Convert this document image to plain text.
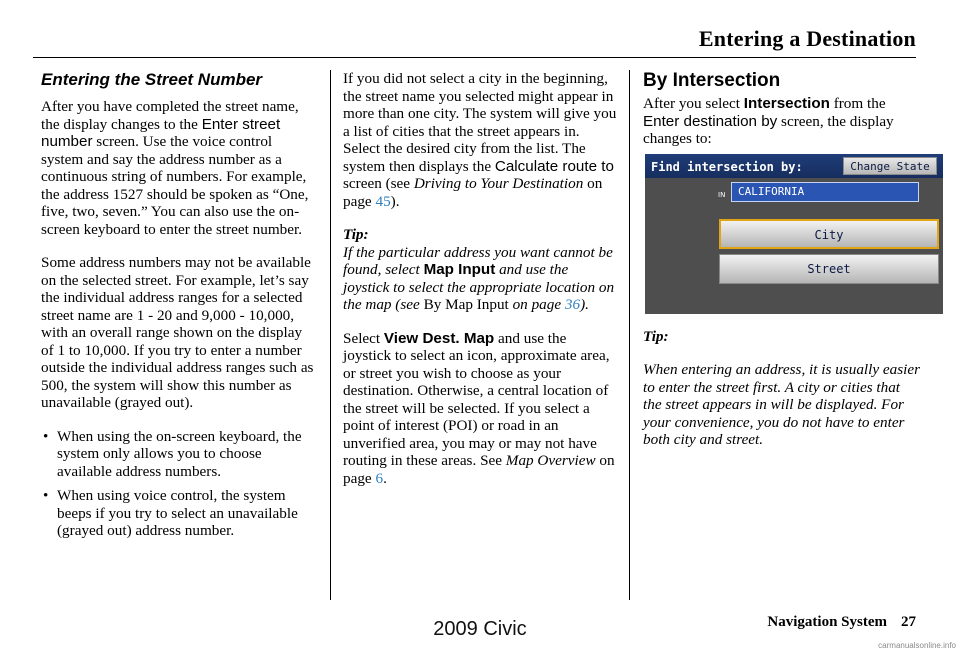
Entering a Destination
Entering the Street Number

After you have completed the street name, the display changes to the Enter street number screen. Use the voice control system and say the address number as a continuous string of numbers. For example, the address 1527 should be spoken as “One, five, two, seven.” You can also use the on-screen keyboard to enter the street number.

Some address numbers may not be available on the selected street. For example, let’s say the individual address ranges for a selected street name are 1 - 20 and 9,000 - 10,000, with an overall range shown on the display of 1 to 10,000. If you try to enter a number outside the individual address ranges such as 500, the system will show this number as unavailable (grayed out).

• When using the on-screen keyboard, the system only allows you to choose available address numbers.
• When using voice control, the system beeps if you try to select an unavailable (grayed out) address number.

If you did not select a city in the beginning, the street name you selected might appear in more than one city. The system will give you a list of cities that the street appears in. Select the desired city from the list. The system then displays the Calculate route to screen (see Driving to Your Destination on page 45).

Tip:
If the particular address you want cannot be found, select Map Input and use the joystick to select the appropriate location on the map (see By Map Input on page 36).

Select View Dest. Map and use the joystick to select an icon, approximate area, or street you wish to choose as your destination. Otherwise, a central location of the street will be selected. If you select a point of interest (POI) or road in an unverified area, you may or may not have routing in these areas. See Map Overview on page 6.

By Intersection

After you select Intersection from the Enter destination by screen, the display changes to:

Find intersection by:	Change State
IN	CALIFORNIA
City
Street

Tip:

When entering an address, it is usually easier to enter the street first. A city or cities that the street appears in will be displayed. For your convenience, you do not have to enter both city and street.

Navigation System 27
2009 Civic
carmanualsonline.info
